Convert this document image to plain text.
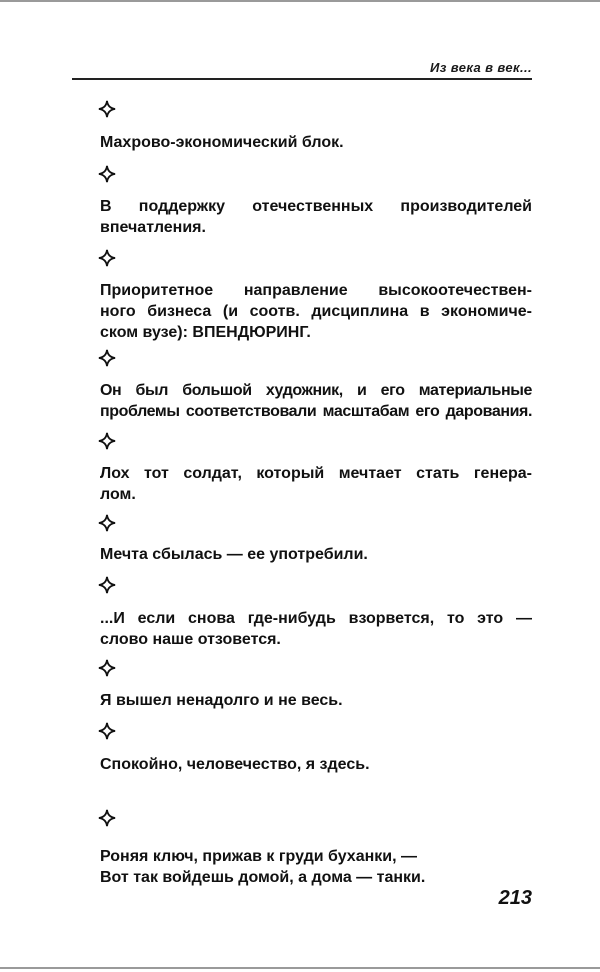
Из века в век...
Махрово-экономический блок.
В поддержку отечественных производителей
впечатления.
Приоритетное направление высокоотечествен-
ного бизнеса (и соотв. дисциплина в экономиче-
ском вузе): ВПЕНДЮРИНГ.
Он был большой художник, и его материальные
проблемы соответствовали масштабам его дарования.
Лох тот солдат, который мечтает стать генера-
лом.
Мечта сбылась — ее употребили.
...И если снова где-нибудь взорвется, то это —
слово наше отзовется.
Я вышел ненадолго и не весь.
Спокойно, человечество, я здесь.
Роняя ключ, прижав к груди буханки, —
Вот так войдешь домой, а дома — танки.
213
